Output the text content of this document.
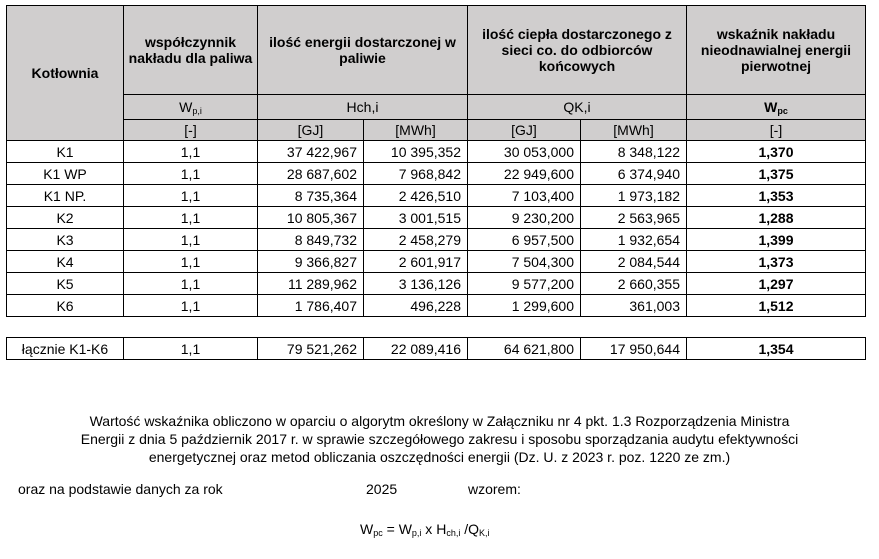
Kotłownia	współczynnik nakładu dla paliwa	ilość energii dostarczonej w paliwie		ilość ciepła dostarczonego z sieci co. do odbiorców końcowych		wskaźnik nakładu nieodnawialnej energii pierwotnej
	$W_{p,i}$	Hch,i		QK,i		$W_{pc}$
	[-]	[GJ]	[MWh]	[GJ]	[MWh]	[-]
K1	1,1	37 422,967	10 395,352	30 053,000	8 348,122	1,370
K1 WP	1,1	28 687,602	7 968,842	22 949,600	6 374,940	1,375
K1 NP.	1,1	8 735,364	2 426,510	7 103,400	1 973,182	1,353
K2	1,1	10 805,367	3 001,515	9 230,200	2 563,965	1,288
K3	1,1	8 849,732	2 458,279	6 957,500	1 932,654	1,399
K4	1,1	9 366,827	2 601,917	7 504,300	2 084,544	1,373
K5	1,1	11 289,962	3 136,126	9 577,200	2 660,355	1,297
K6	1,1	1 786,407	496,228	1 299,600	361,003	1,512

łącznie K1-K6	1,1	79 521,262	22 089,416	64 621,800	17 950,644	1,354
Wartość wskaźnika obliczono w oparciu o algorytm określony w Załączniku nr 4 pkt. 1.3 Rozporządzenia Ministra
Energii z dnia 5 październik 2017 r. w sprawie szczegółowego zakresu i sposobu sporządzania audytu efektywności
energetycznej oraz metod obliczania oszczędności energii (Dz. U. z 2023 r. poz. 1220 ze zm.)
oraz na podstawie danych za rok	2025	wzorem:
$W_{pc} = W_{p,i}$ x $H_{ch,i}$ $/Q_{K,i}$
